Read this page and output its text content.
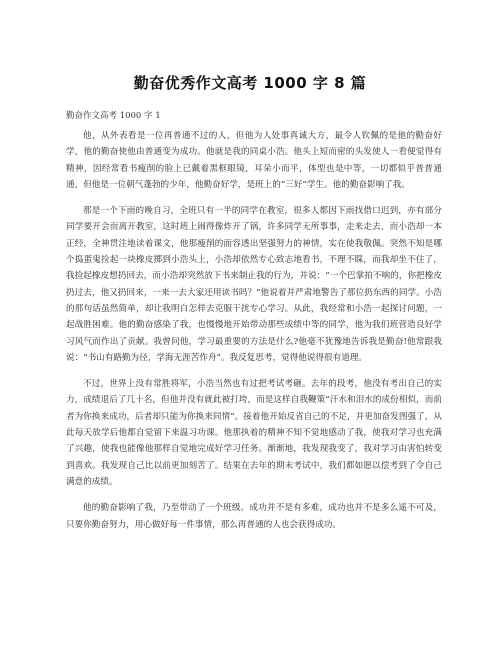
勤奋优秀作文高考 1000 字 8 篇
勤奋作文高考 1000 字 1

他，从外表看是一位再普通不过的人，但他为人处事真诚大方，最令人钦佩的是他的勤奋好学，他的勤奋使他由普通变为成功。他就是我的同桌小浩。他头上短而密的头发使人一看便觉得有精神，因经常看书瘦削的脸上已戴着黑框眼镜，耳朵小而平，体型也是中等，一切都似乎普普通通，但他是一位朝气蓬勃的少年，他勤奋好学，是班上的“三好”学生。他的勤奋影响了我。

那是一个下雨的晚自习，全班只有一半的同学在教室，很多人都因下雨找借口迟到，亦有部分同学要开会而离开教室，这时班上闹得像炸开了锅，许多同学无所事事，走来走去，而小浩却一本正经，全神贯注地读着课文，他那瘦削的面容透出坚强努力的神情，实在使我敬佩。突然不知是哪个捣蛋鬼捡起一块橡皮掷到小浩头上，小浩却依然专心致志地看书，不理不睬，而我却坐不住了，我捡起橡皮想扔回去，而小浩却突然放下书来制止我的行为，并说：“一个巴掌拍不响的，你把橡皮扔过去，他又扔回来，一来一去大家还用读书吗？”他说着并严肃地警告了那位扔东西的同学。小浩的那句话虽然简单，却让我明白怎样去克服干扰专心学习。从此，我经常和小浩一起探讨问题，一起战胜困难。他的勤奋感染了我，也慢慢地开始带动那些成绩中等的同学，他为我们班营造良好学习风气而作出了贡献。我曾问他，学习最重要的方法是什么?他毫不犹豫地告诉我是勤奋!他常跟我说：“书山有路勤为径，学海无涯苦作舟”。我反复思考，觉得他说得很有道理。

不过，世界上没有常胜将军，小浩当然也有过把考试考砸。去年的段考，他没有考出自己的实力，成绩退后了几十名，但他并没有就此被打垮，而是这样自我鞭策“汗水和泪水的成份相似，而前者为你换来成功，后者却只能为你换来同情”。接着他开始反省自己的不足，并更加奋发图强了，从此每天放学后他都自觉留下来温习功课。他那执着的精神不知不觉地感动了我，使我对学习也充满了兴趣，使我也能像他那样自觉地完成好学习任务。渐渐地，我发现我变了，我对学习由害怕转变到喜欢。我发现自己比以前更加刻苦了。结果在去年的期末考试中，我们都如愿以偿考到了令自己满意的成绩。

他的勤奋影响了我，乃至带动了一个班级。成功并不是有多难，成功也并不是多么遥不可及，只要你勤奋努力，用心做好每一件事情，那么再普通的人也会获得成功。
